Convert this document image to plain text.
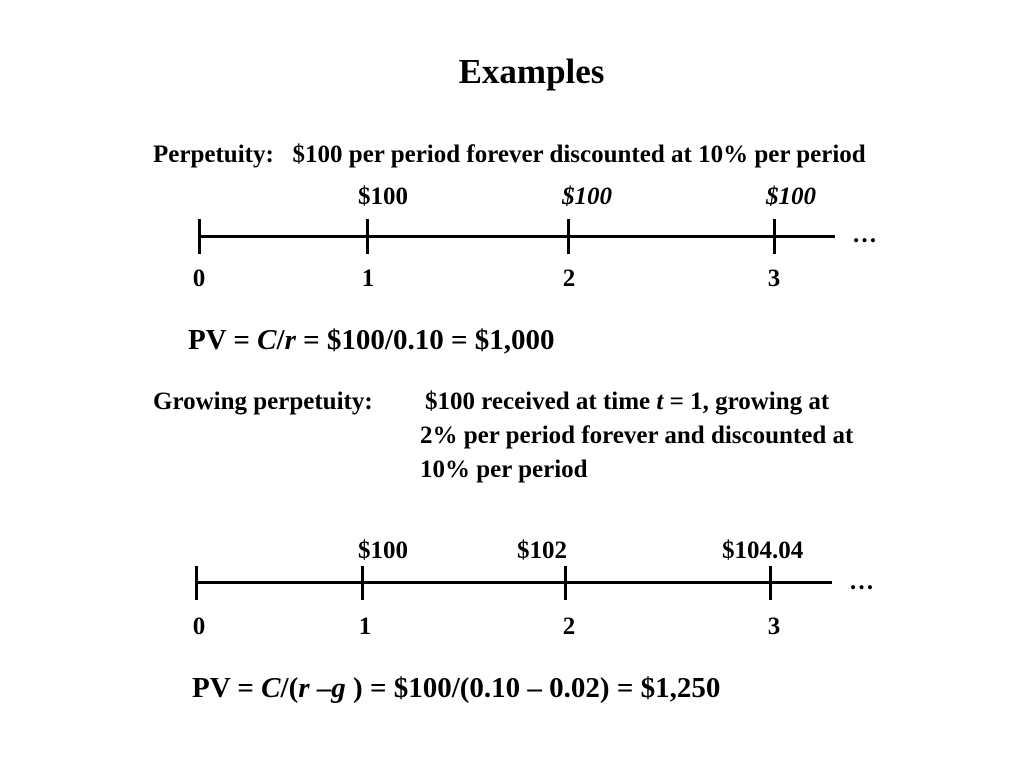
Examples
Perpetuity: $100 per period forever discounted at 10% per period
$100	$100	$100
…
0	1	2	3
PV = C/r = $100/0.10 = $1,000
Growing perpetuity: $100 received at time t = 1, growing at
2% per period forever and discounted at
10% per period
$100	$102	$104.04
…
0	1	2	3
PV = C/(r –g ) = $100/(0.10 – 0.02) = $1,250
